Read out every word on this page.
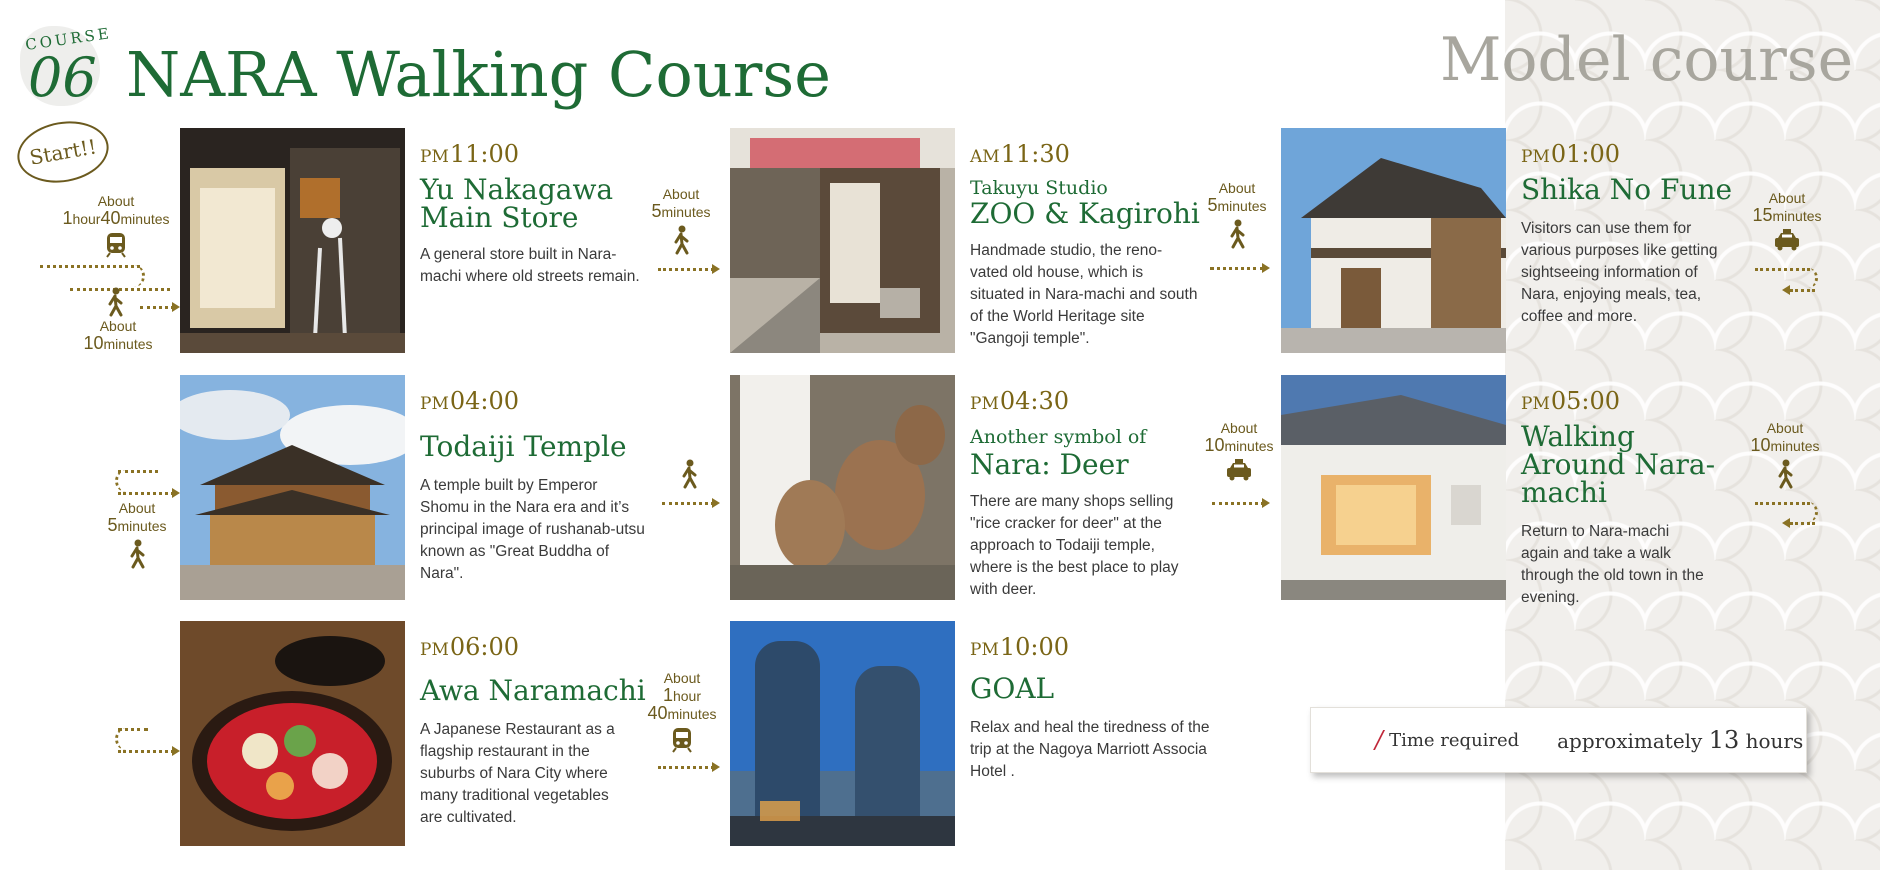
COURSE
06 NARA Walking Course	Model course
Start!!	PM11:00
Yu Nakagawa Main Store
A general store built in Nara-machi where old streets remain.
AM11:30
Takuyu Studio
ZOO & Kagirohi
Handmade studio, the reno-vated old house, which is situated in Nara-machi and south of the World Heritage site "Gangoji temple".
PM01:00
Shika No Fune
Visitors can use them for various purposes like getting sightseeing information of Nara, enjoying meals, tea, coffee and more.
PM04:00
Todaiji Temple
A temple built by Emperor Shomu in the Nara era and it’s principal image of rushanab-utsu known as "Great Buddha of Nara".
PM04:30
Another symbol of
Nara: Deer
There are many shops selling "rice cracker for deer" at the approach to Todaiji temple, where is the best place to play with deer.
PM05:00
Walking Around Nara-machi
Return to Nara-machi again and take a walk through the old town in the evening.
PM06:00
Awa Naramachi
A Japanese Restaurant as a flagship restaurant in the suburbs of Nara City where many traditional vegetables are cultivated.
PM10:00
GOAL
Relax and heal the tiredness of the trip at the Nagoya Marriott Associa Hotel .
About
1hour40minutes
About
10minutes
About
5minutes
About
5minutes	About
15minutes
About
5minutes
About
10minutes
About
10minutes
About
1hour
40minutes
/ Time required	approximately 13 hours
